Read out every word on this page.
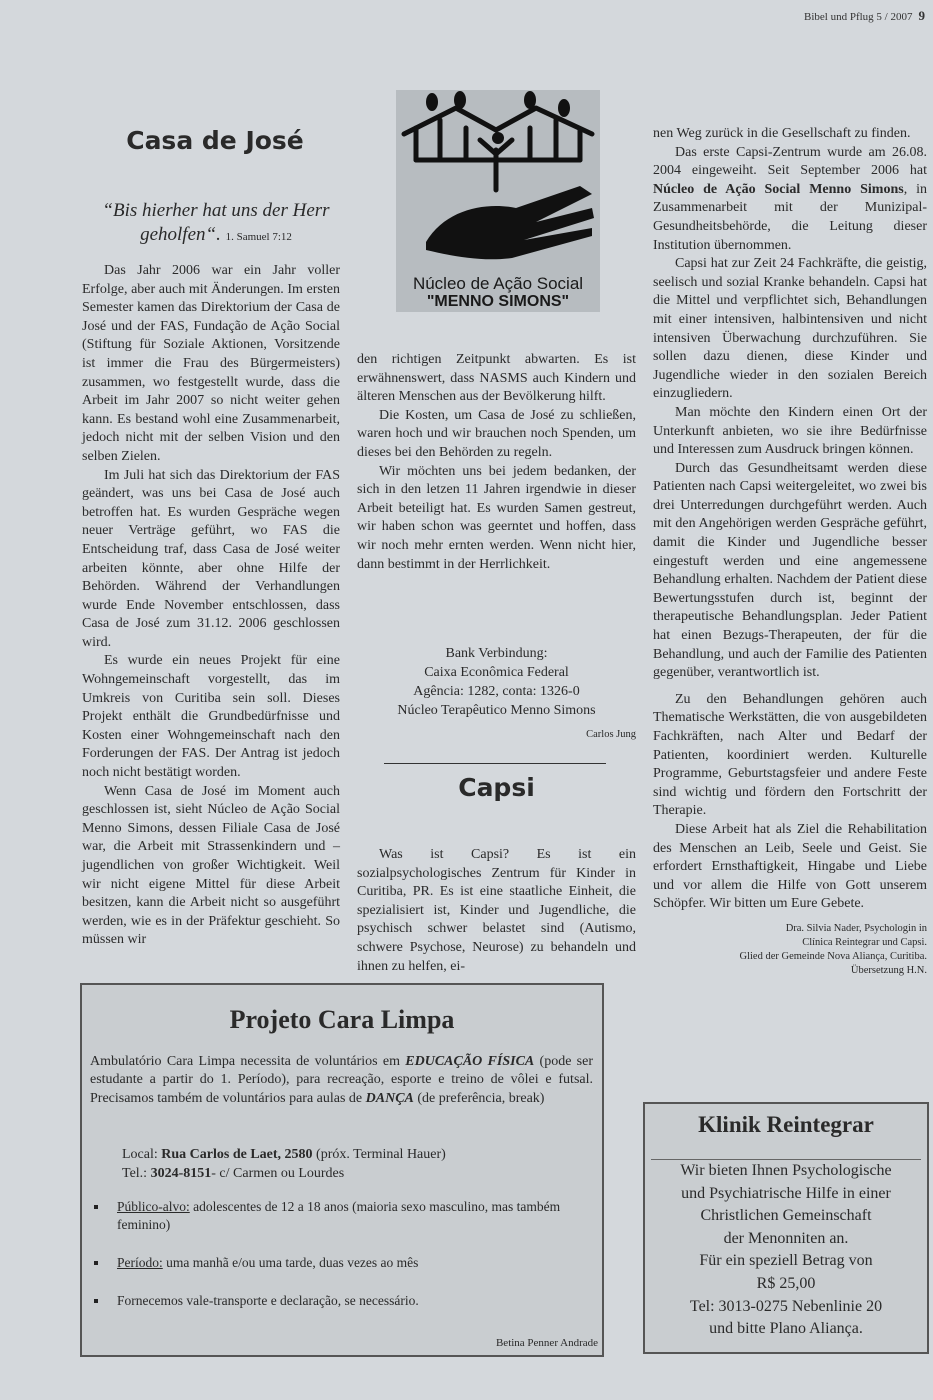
Bibel und Pflug 5 / 2007 9
Casa de José
“Bis hierher hat uns der Herr geholfen“. 1. Samuel 7:12

Das Jahr 2006 war ein Jahr voller Erfolge, aber auch mit Änderungen. Im ersten Semester kamen das Direktorium der Casa de José und der FAS, Fundação de Ação Social (Stiftung für Soziale Aktionen, Vorsitzende ist immer die Frau des Bürgermeisters) zusammen, wo festgestellt wurde, dass die Arbeit im Jahr 2007 so nicht weiter gehen kann. Es bestand wohl eine Zusammenarbeit, jedoch nicht mit der selben Vision und den selben Zielen.

Im Juli hat sich das Direktorium der FAS geändert, was uns bei Casa de José auch betroffen hat. Es wurden Gespräche wegen neuer Verträge geführt, wo FAS die Entscheidung traf, dass Casa de José weiter arbeiten könnte, aber ohne Hilfe der Behörden. Während der Verhandlungen wurde Ende November entschlossen, dass Casa de José zum 31.12. 2006 geschlossen wird.

Es wurde ein neues Projekt für eine Wohngemeinschaft vorgestellt, das im Umkreis von Curitiba sein soll. Dieses Projekt enthält die Grundbedürfnisse und Kosten einer Wohngemeinschaft nach den Forderungen der FAS. Der Antrag ist jedoch noch nicht bestätigt worden.

Wenn Casa de José im Moment auch geschlossen ist, sieht Núcleo de Ação Social Menno Simons, dessen Filiale Casa de José war, die Arbeit mit Strassenkindern und –jugendlichen von großer Wichtigkeit. Weil wir nicht eigene Mittel für diese Arbeit besitzen, kann die Arbeit nicht so ausgeführt werden, wie es in der Präfektur geschieht. So müssen wir

Núcleo de Ação Social
"MENNO SIMONS"

den richtigen Zeitpunkt abwarten. Es ist erwähnenswert, dass NASMS auch Kindern und älteren Menschen aus der Bevölkerung hilft.

Die Kosten, um Casa de José zu schließen, waren hoch und wir brauchen noch Spenden, um dieses bei den Behörden zu regeln.

Wir möchten uns bei jedem bedanken, der sich in den letzen 11 Jahren irgendwie in dieser Arbeit beteiligt hat. Es wurden Samen gestreut, wir haben schon was geerntet und hoffen, dass wir noch mehr ernten werden. Wenn nicht hier, dann bestimmt in der Herrlichkeit.

Bank Verbindung:
Caixa Econômica Federal
Agência: 1282, conta: 1326-0
Núcleo Terapêutico Menno Simons
Carlos Jung
Capsi

Was ist Capsi? Es ist ein sozialpsychologisches Zentrum für Kinder in Curitiba, PR. Es ist eine staatliche Einheit, die spezialisiert ist, Kinder und Jugendliche, die psychisch schwer belastet sind (Autismo, schwere Psychose, Neurose) zu behandeln und ihnen zu helfen, ei-

nen Weg zurück in die Gesellschaft zu finden.

Das erste Capsi-Zentrum wurde am 26.08. 2004 eingeweiht. Seit September 2006 hat Núcleo de Ação Social Menno Simons, in Zusammenarbeit mit der Munizipal-Gesundheitsbehörde, die Leitung dieser Institution übernommen.

Capsi hat zur Zeit 24 Fachkräfte, die geistig, seelisch und sozial Kranke behandeln. Capsi hat die Mittel und verpflichtet sich, Behandlungen mit einer intensiven, halbintensiven und nicht intensiven Überwachung durchzuführen. Sie sollen dazu dienen, diese Kinder und Jugendliche wieder in den sozialen Bereich einzugliedern.

Man möchte den Kindern einen Ort der Unterkunft anbieten, wo sie ihre Bedürfnisse und Interessen zum Ausdruck bringen können.

Durch das Gesundheitsamt werden diese Patienten nach Capsi weitergeleitet, wo zwei bis drei Unterredungen durchgeführt werden. Auch mit den Angehörigen werden Gespräche geführt, damit die Kinder und Jugendliche besser eingestuft werden und eine angemessene Behandlung erhalten. Nachdem der Patient diese Bewertungsstufen durch ist, beginnt der therapeutische Behandlungsplan. Jeder Patient hat einen Bezugs-Therapeuten, der für die Behandlung, und auch der Familie des Patienten gegenüber, verantwortlich ist.

Zu den Behandlungen gehören auch Thematische Werkstätten, die von ausgebildeten Fachkräften, nach Alter und Bedarf der Patienten, koordiniert werden. Kulturelle Programme, Geburtstagsfeier und andere Feste sind wichtig und fördern den Fortschritt der Therapie.

Diese Arbeit hat als Ziel die Rehabilitation des Menschen an Leib, Seele und Geist. Sie erfordert Ernsthaftigkeit, Hingabe und Liebe und vor allem die Hilfe von Gott unserem Schöpfer. Wir bitten um Eure Gebete.

Dra. Silvia Nader, Psychologin in
Clínica Reintegrar und Capsi.
Glied der Gemeinde Nova Aliança, Curitiba.
Übersetzung H.N.
Projeto Cara Limpa
Ambulatório Cara Limpa necessita de voluntários em EDUCAÇÃO FÍSICA (pode ser estudante a partir do 1. Período), para recreação, esporte e treino de vôlei e futsal. Precisamos também de voluntários para aulas de DANÇA (de preferência, break)
Local: Rua Carlos de Laet, 2580 (próx. Terminal Hauer)
Tel.: 3024-8151- c/ Carmen ou Lourdes
Público-alvo: adolescentes de 12 a 18 anos (maioria sexo masculino, mas também feminino)
Período: uma manhã e/ou uma tarde, duas vezes ao mês
Fornecemos vale-transporte e declaração, se necessário.
Betina Penner Andrade
Klinik Reintegrar
Wir bieten Ihnen Psychologische
und Psychiatrische Hilfe in einer
Christlichen Gemeinschaft
der Menonniten an.
Für ein speziell Betrag von
R$ 25,00
Tel: 3013-0275 Nebenlinie 20
und bitte Plano Aliança.
